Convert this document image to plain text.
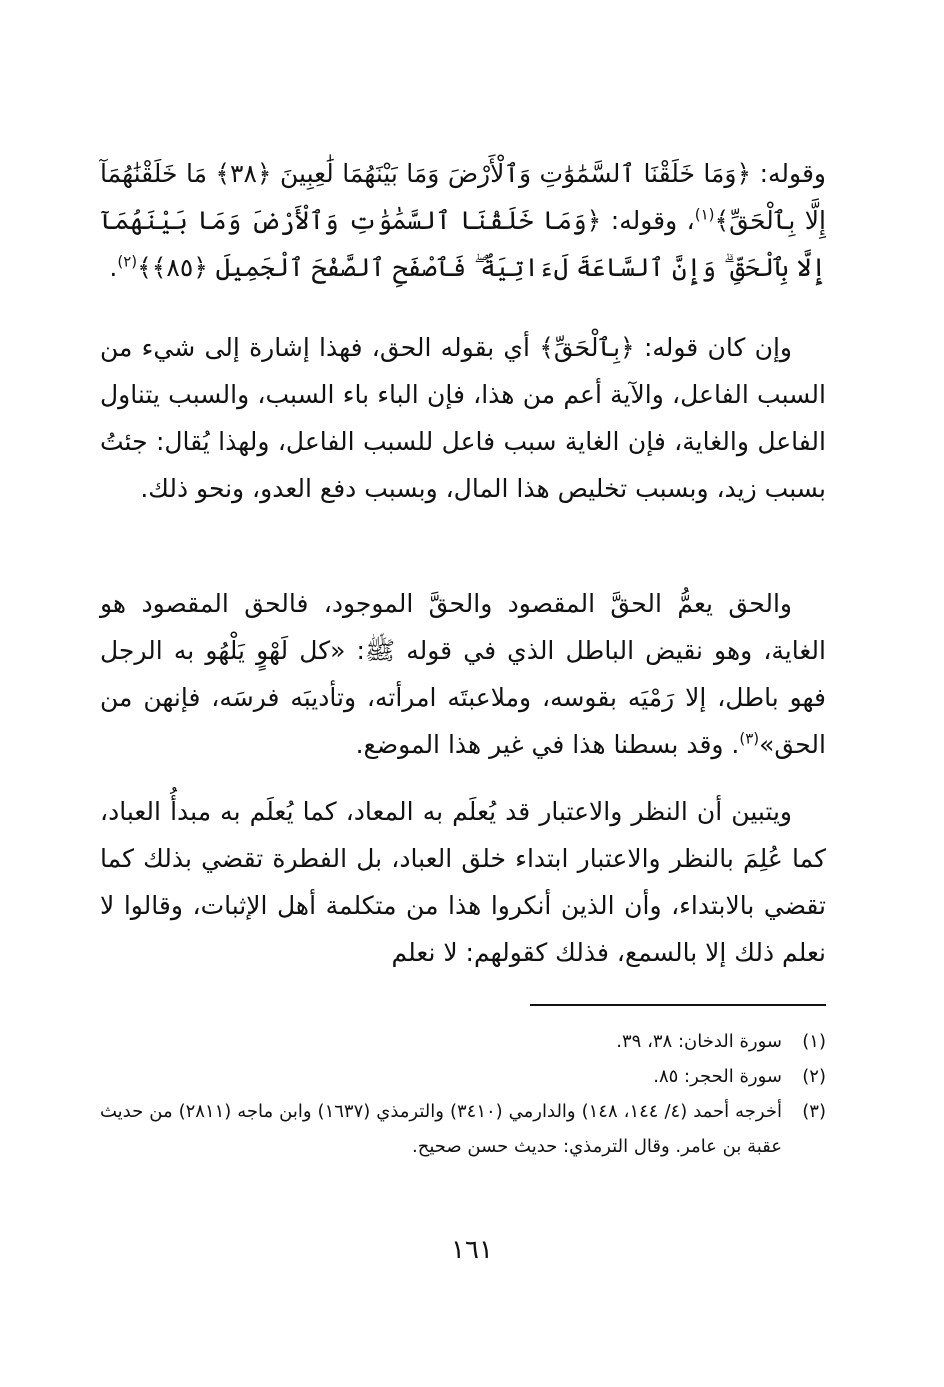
وقوله: ﴿وَمَا خَلَقْنَا ٱلسَّمَٰوَٰتِ وَٱلْأَرْضَ وَمَا بَيْنَهُمَا لَٰعِبِينَ ﴿٣٨﴾ مَا خَلَقْنَٰهُمَآ إِلَّا بِٱلْحَقِّ﴾$^{(١)}$، وقوله: ﴿وَمَا خَلَقْنَا ٱلسَّمَٰوَٰتِ وَٱلْأَرْضَ وَمَا بَيْنَهُمَآ إِلَّا بِٱلْحَقِّ ۗ وَإِنَّ ٱلسَّاعَةَ لَءَاتِيَةٌ ۖ فَٱصْفَحِ ٱلصَّفْحَ ٱلْجَمِيلَ ﴿٨٥﴾﴾$^{(٢)}$.

وإن كان قوله: ﴿بِٱلْحَقِّ﴾ أي بقوله الحق، فهذا إشارة إلى شيء من السبب الفاعل، والآية أعم من هذا، فإن الباء باء السبب، والسبب يتناول الفاعل والغاية، فإن الغاية سبب فاعل للسبب الفاعل، ولهذا يُقال: جئتُ بسبب زيد، وبسبب تخليص هذا المال، وبسبب دفع العدو، ونحو ذلك.

والحق يعمُّ الحقَّ المقصود والحقَّ الموجود، فالحق المقصود هو الغاية، وهو نقيض الباطل الذي في قوله ﷺ: «كل لَهْوٍ يَلْهُو به الرجل فهو باطل، إلا رَمْيَه بقوسه، وملاعبتَه امرأته، وتأديبَه فرسَه، فإنهن من الحق»$^{(٣)}$. وقد بسطنا هذا في غير هذا الموضع.

ويتبين أن النظر والاعتبار قد يُعلَم به المعاد، كما يُعلَم به مبدأُ العباد، كما عُلِمَ بالنظر والاعتبار ابتداء خلق العباد، بل الفطرة تقضي بذلك كما تقضي بالابتداء، وأن الذين أنكروا هذا من متكلمة أهل الإثبات، وقالوا لا نعلم ذلك إلا بالسمع، فذلك كقولهم: لا نعلم

(١)
سورة الدخان: ٣٨، ٣٩.

(٢)
سورة الحجر: ٨٥.

(٣)
أخرجه أحمد (٤/ ١٤٤، ١٤٨) والدارمي (٣٤١٠) والترمذي (١٦٣٧) وابن ماجه (٢٨١١) من حديث عقبة بن عامر. وقال الترمذي: حديث حسن صحيح.

١٦١
